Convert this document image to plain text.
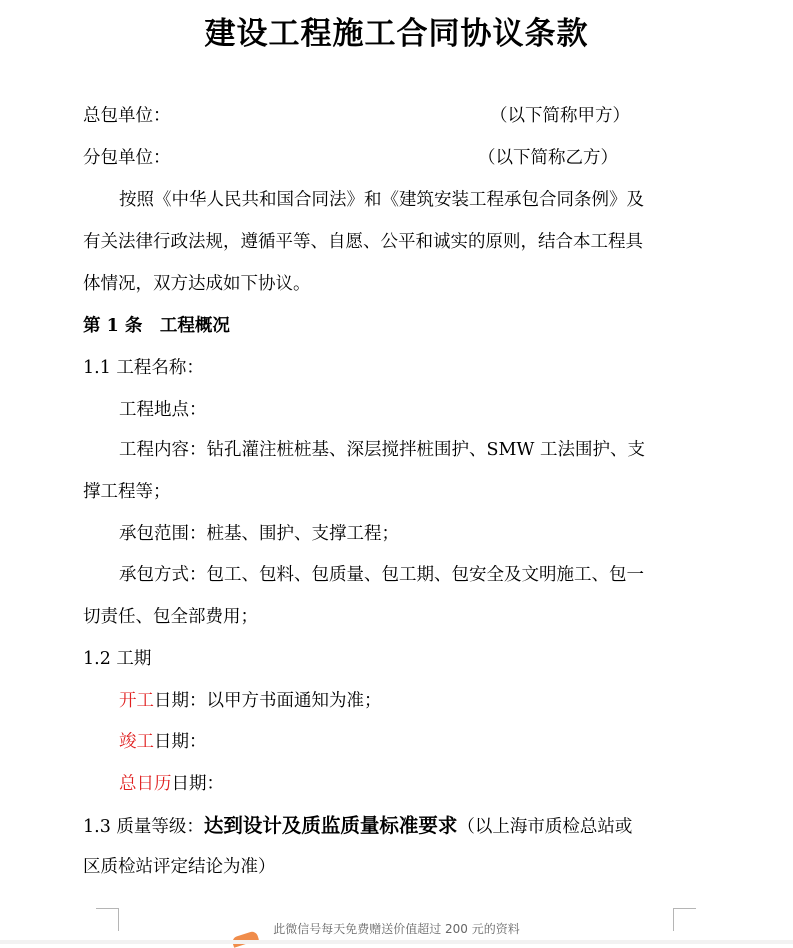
建设工程施工合同协议条款
总包单位：	（以下简称甲方）
分包单位：	（以下简称乙方）
按照《中华人民共和国合同法》和《建筑安装工程承包合同条例》及
有关法律行政法规，遵循平等、自愿、公平和诚实的原则，结合本工程具
体情况，双方达成如下协议。
第 1 条　工程概况
1.1 工程名称：
工程地点：
工程内容：钻孔灌注桩桩基、深层搅拌桩围护、SMW 工法围护、支
撑工程等；
承包范围：桩基、围护、支撑工程；
承包方式：包工、包料、包质量、包工期、包安全及文明施工、包一
切责任、包全部费用；
1.2 工期
开工日期：以甲方书面通知为准；
竣工日期：
总日历日期：
1.3 质量等级：达到设计及质监质量标准要求（以上海市质检总站或
区质检站评定结论为准）
此微信号每天免费赠送价值超过 200 元的资料
